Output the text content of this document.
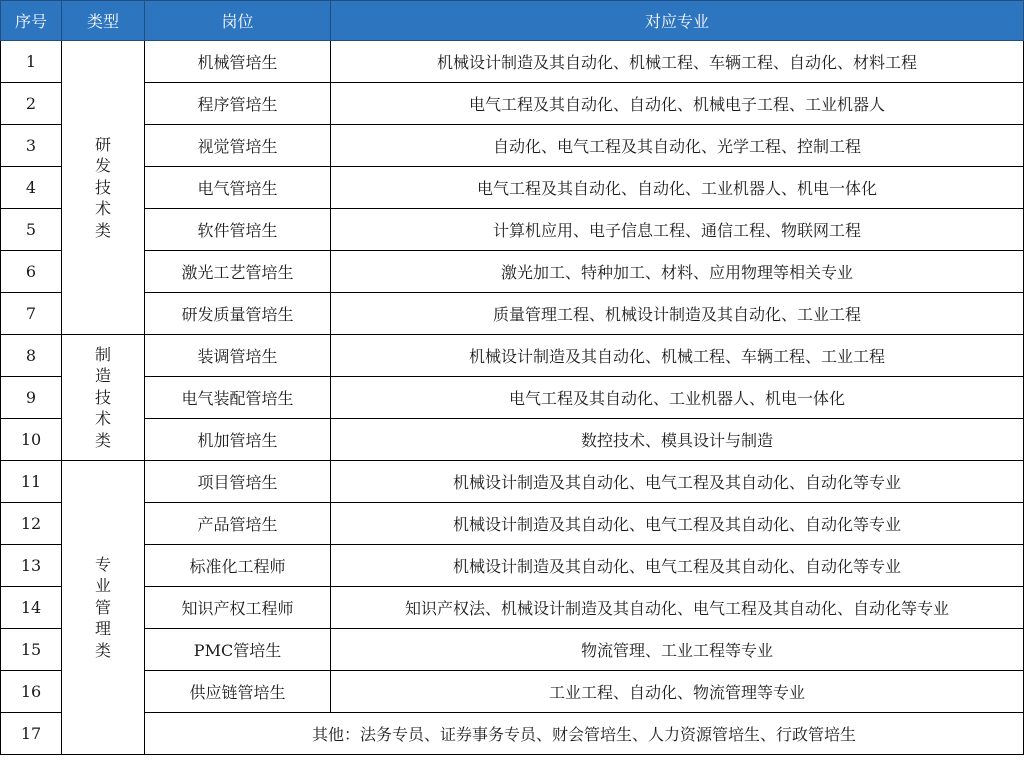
序号	类型	岗位	对应专业
1	研发技术类	机械管培生	机械设计制造及其自动化、机械工程、车辆工程、自动化、材料工程
2		程序管培生	电气工程及其自动化、自动化、机械电子工程、工业机器人
3		视觉管培生	自动化、电气工程及其自动化、光学工程、控制工程
4		电气管培生	电气工程及其自动化、自动化、工业机器人、机电一体化
5		软件管培生	计算机应用、电子信息工程、通信工程、物联网工程
6		激光工艺管培生	激光加工、特种加工、材料、应用物理等相关专业
7		研发质量管培生	质量管理工程、机械设计制造及其自动化、工业工程
8	制造技术类	装调管培生	机械设计制造及其自动化、机械工程、车辆工程、工业工程
9		电气装配管培生	电气工程及其自动化、工业机器人、机电一体化
10		机加管培生	数控技术、模具设计与制造
11	专业管理类	项目管培生	机械设计制造及其自动化、电气工程及其自动化、自动化等专业
12		产品管培生	机械设计制造及其自动化、电气工程及其自动化、自动化等专业
13		标准化工程师	机械设计制造及其自动化、电气工程及其自动化、自动化等专业
14		知识产权工程师	知识产权法、机械设计制造及其自动化、电气工程及其自动化、自动化等专业
15		PMC管培生	物流管理、工业工程等专业
16		供应链管培生	工业工程、自动化、物流管理等专业
17		其他：法务专员、证券事务专员、财会管培生、人力资源管培生、行政管培生	
